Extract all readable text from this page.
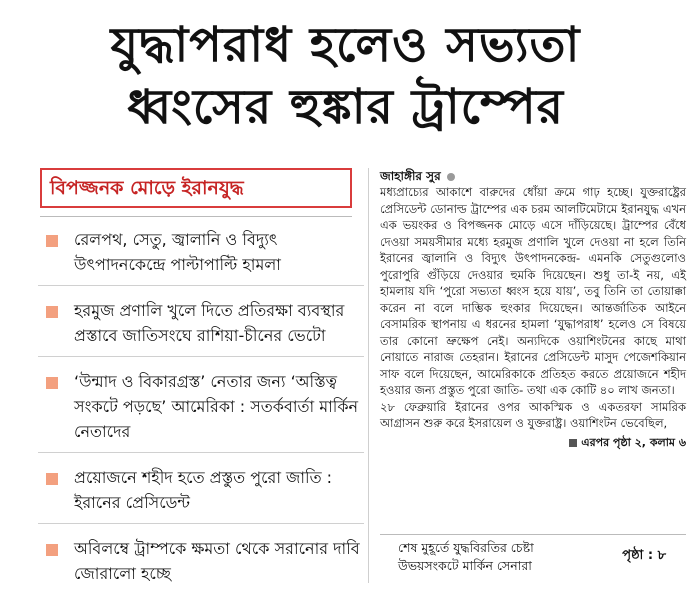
যুদ্ধাপরাধ হলেও সভ্যতা
ধ্বংসের হুঙ্কার ট্রাম্পের
বিপজ্জনক মোড়ে ইরানযুদ্ধ
রেলপথ, সেতু, জ্বালানি ও বিদ্যুৎ উৎপাদনকেন্দ্রে পাল্টাপাল্টি হামলা
হরমুজ প্রণালি খুলে দিতে প্রতিরক্ষা ব্যবস্থার প্রস্তাবে জাতিসংঘে রাশিয়া-চীনের ভেটো
‘উন্মাদ ও বিকারগ্রস্ত’ নেতার জন্য ‘অস্তিত্ব সংকটে পড়ছে’ আমেরিকা : সতর্কবার্তা মার্কিন নেতাদের
প্রয়োজনে শহীদ হতে প্রস্তুত পুরো জাতি : ইরানের প্রেসিডেন্ট
অবিলম্বে ট্রাম্পকে ক্ষমতা থেকে সরানোর দাবি জোরালো হচ্ছে
জাহাঙ্গীর সুর

মধ্যপ্রাচ্যের আকাশে বারুদের ধোঁয়া ক্রমে গাঢ় হচ্ছে। যুক্তরাষ্ট্রের প্রেসিডেন্ট ডোনাল্ড ট্রাম্পের এক চরম আলটিমেটামে ইরানযুদ্ধ এখন এক ভয়ংকর ও বিপজ্জনক মোড়ে এসে দাঁড়িয়েছে। ট্রাম্পের বেঁধে দেওয়া সময়সীমার মধ্যে হরমুজ প্রণালি খুলে দেওয়া না হলে তিনি ইরানের জ্বালানি ও বিদ্যুৎ উৎপাদনকেন্দ্র- এমনকি সেতুগুলোও পুরোপুরি গুঁড়িয়ে দেওয়ার হুমকি দিয়েছেন। শুধু তা-ই নয়, এই হামলায় যদি ‘পুরো সভ্যতা ধ্বংস হয়ে যায়’, তবু তিনি তা তোয়াক্কা করেন না বলে দাম্ভিক হুংকার দিয়েছেন। আন্তর্জাতিক আইনে বেসামরিক স্থাপনায় এ ধরনের হামলা ‘যুদ্ধাপরাধ’ হলেও সে বিষয়ে তার কোনো ভ্রুক্ষেপ নেই। অন্যদিকে ওয়াশিংটনের কাছে মাথা নোয়াতে নারাজ তেহরান। ইরানের প্রেসিডেন্ট মাসুদ পেজেশকিয়ান সাফ বলে দিয়েছেন, আমেরিকাকে প্রতিহত করতে প্রয়োজনে শহীদ হওয়ার জন্য প্রস্তুত পুরো জাতি- তথা এক কোটি ৪০ লাখ জনতা।

২৮ ফেব্রুয়ারি ইরানের ওপর আকস্মিক ও একতরফা সামরিক আগ্রাসন শুরু করে ইসরায়েল ও যুক্তরাষ্ট্র। ওয়াশিংটন ভেবেছিল,

এরপর পৃষ্ঠা ২, কলাম ৬
শেষ মুহূর্তে যুদ্ধবিরতির চেষ্টা
উভয়সংকটে মার্কিন সেনারা
পৃষ্ঠা : ৮
